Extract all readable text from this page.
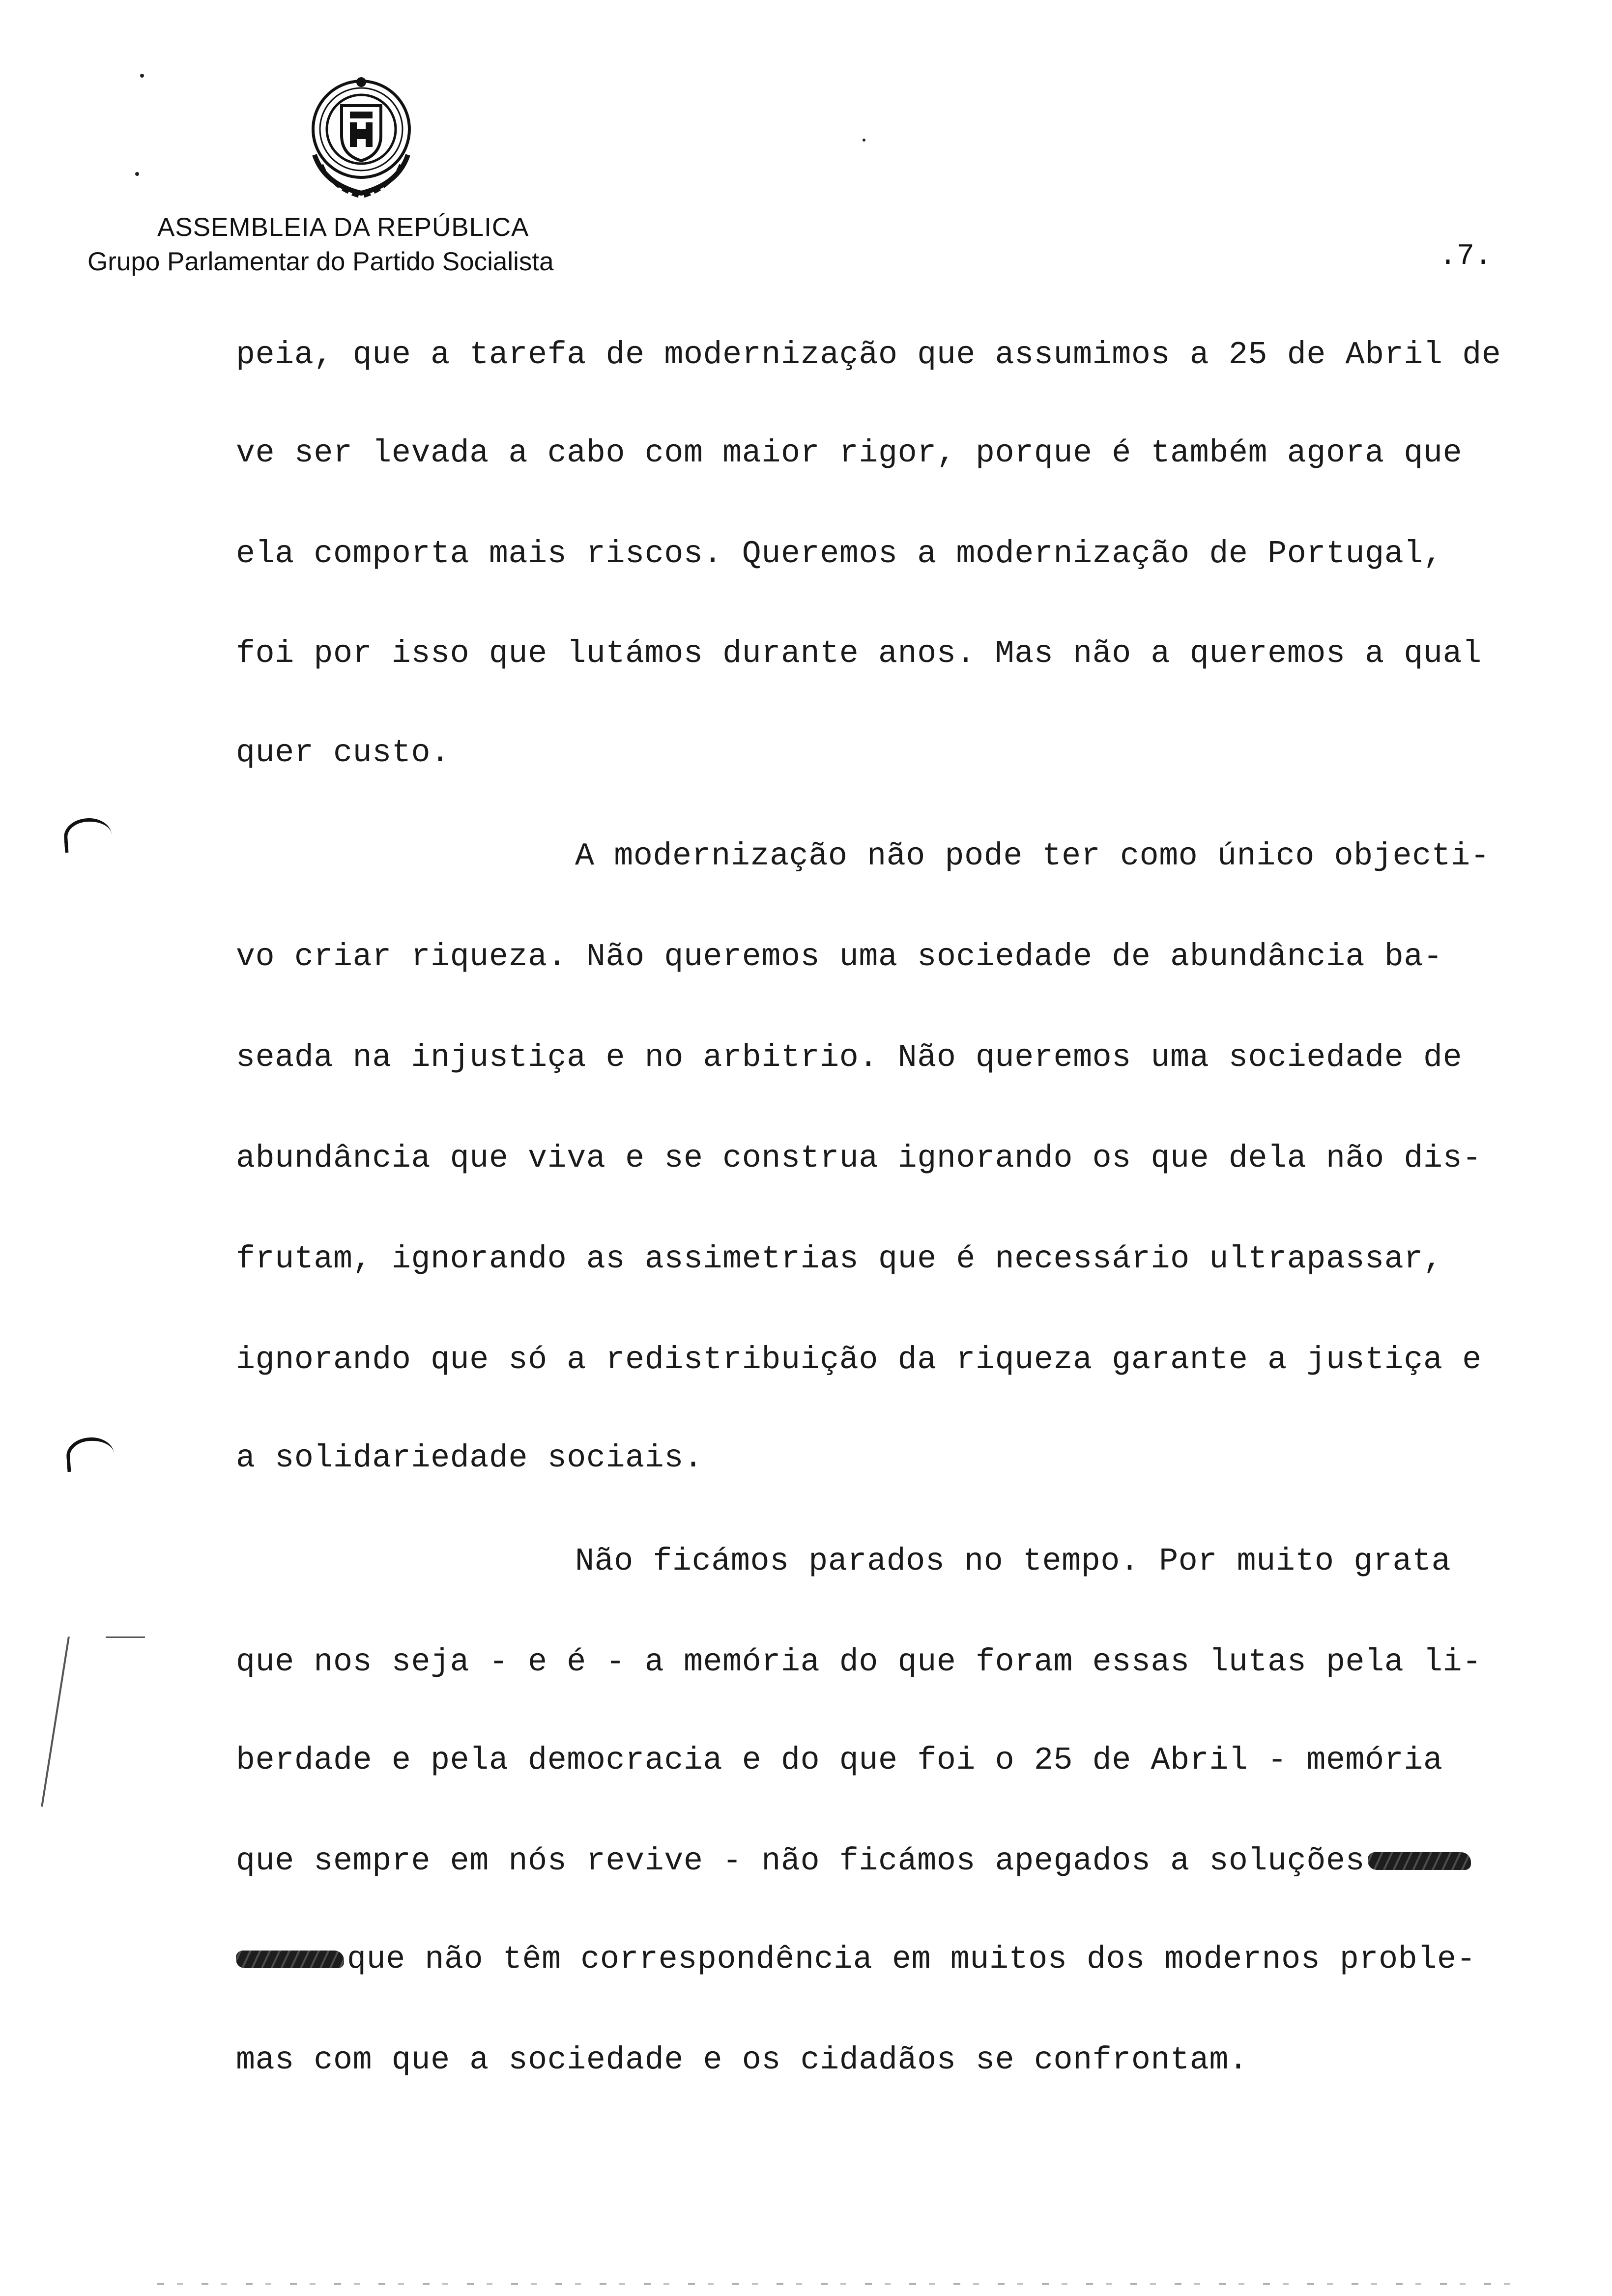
ASSEMBLEIA DA REPÚBLICA
Grupo Parlamentar do Partido Socialista	.7.
peia, que a tarefa de modernização que assumimos a 25 de Abril de
ve ser levada a cabo com maior rigor, porque é também agora que
ela comporta mais riscos. Queremos a modernização de Portugal,
foi por isso que lutámos durante anos. Mas não a queremos a qual
quer custo.
A modernização não pode ter como único objecti-
vo criar riqueza. Não queremos uma sociedade de abundância ba-
seada na injustiça e no arbitrio. Não queremos uma sociedade de
abundância que viva e se construa ignorando os que dela não dis-
frutam, ignorando as assimetrias que é necessário ultrapassar,
ignorando que só a redistribuição da riqueza garante a justiça e
a solidariedade sociais.
Não ficámos parados no tempo. Por muito grata
que nos seja - e é - a memória do que foram essas lutas pela li-
berdade e pela democracia e do que foi o 25 de Abril - memória
que sempre em nós revive - não ficámos apegados a soluções
que não têm correspondência em muitos dos modernos proble-
mas com que a sociedade e os cidadãos se confrontam.
